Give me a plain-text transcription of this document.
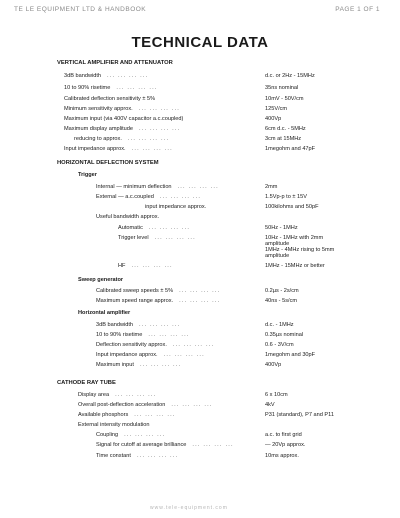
TE LE EQUIPMENT LTD & HANDBOOK	PAGE 1 OF 1
TECHNICAL DATA
VERTICAL AMPLIFIER AND ATTENUATOR
HORIZONTAL DEFLECTION SYSTEM
CATHODE RAY TUBE
Trigger
Sweep generator
Horizontal amplifier
3dB bandwidth ... ... ... ...	d.c. or 2Hz - 15MHz
10 to 90% risetime ... ... ... ...	35ns nominal
Calibrated deflection sensitivity ± 5%	10mV - 50V/cm
Minimum sensitivity approx. ... ... ... ...	125V/cm
Maximum input (via 400V capacitor a.c.coupled)	400Vp
Maximum display amplitude ... ... ... ...	6cm d.c. - 5MHz
reducing to approx. ... ... ... ...	3cm at 15MHz
Input impedance approx. ... ... ... ...	1megohm and 47pF
Internal — minimum deflection ... ... ... ...	2mm
External — a.c.coupled ... ... ... ...	1.5Vp-p to ± 15V
input impedance approx.	100kilohms and 50pF
Useful bandwidth approx.
Automatic ... ... ... ...	50Hz - 1MHz
Trigger level ... ... ... ...	10Hz - 1MHz with 2mm
amplitude
1MHz - 4MHz rising to 5mm
amplitude
HF ... ... ... ...	1MHz - 15MHz or better
Calibrated sweep speeds ± 5% ... ... ... ...	0.2µs - 2s/cm
Maximum speed range approx. ... ... ... ...	40ns - 5s/cm
3dB bandwidth ... ... ... ...	d.c. - 1MHz
10 to 90% risetime ... ... ... ...	0.35µs nominal
Deflection sensitivity approx. ... ... ... ...	0.6 - 3V/cm
Input impedance approx. ... ... ... ...	1megohm and 30pF
Maximum input ... ... ... ...	400Vp
Display area ... ... ... ...	6 x 10cm
Overall post-deflection acceleration ... ... ... ...	4kV
Available phosphors ... ... ... ...	P31 (standard), P7 and P11
External intensity modulation
Coupling ... ... ... ...	a.c. to first grid
Signal for cutoff at average brilliance ... ... ... ...	— 20Vp approx.
Time constant ... ... ... ...	10ms approx.
www.tele-equipment.com
